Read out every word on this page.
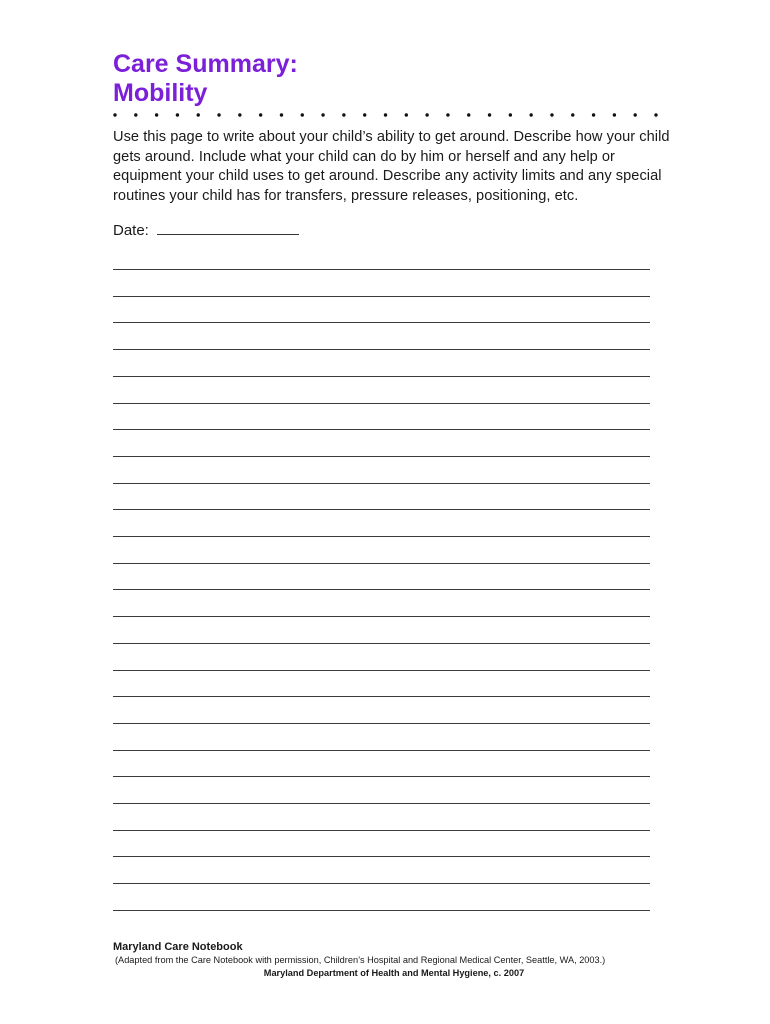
Care Summary:
Mobility

Use this page to write about your child’s ability to get around. Describe how your child gets around. Include what your child can do by him or herself and any help or equipment your child uses to get around. Describe any activity limits and any special routines your child has for transfers, pressure releases, positioning, etc.

Date:
Maryland Care Notebook
(Adapted from the Care Notebook with permission, Children’s Hospital and Regional Medical Center, Seattle, WA, 2003.)
Maryland Department of Health and Mental Hygiene, c. 2007
